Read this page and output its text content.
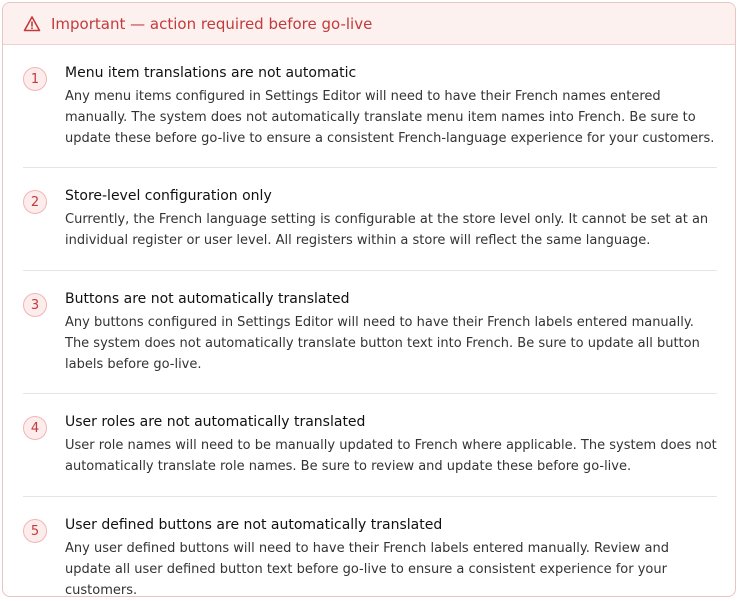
Important — action required before go-live
1	Menu item translations are not automatic

Any menu items configured in Settings Editor will need to have their French names entered manually. The system does not automatically translate menu item names into French. Be sure to update these before go-live to ensure a consistent French-language experience for your customers.

2	Store-level configuration only

Currently, the French language setting is configurable at the store level only. It cannot be set at an individual register or user level. All registers within a store will reflect the same language.

3	Buttons are not automatically translated

Any buttons configured in Settings Editor will need to have their French labels entered manually. The system does not automatically translate button text into French. Be sure to update all button labels before go-live.

4	User roles are not automatically translated

User role names will need to be manually updated to French where applicable. The system does not automatically translate role names. Be sure to review and update these before go-live.

5	User defined buttons are not automatically translated

Any user defined buttons will need to have their French labels entered manually. Review and update all user defined button text before go-live to ensure a consistent experience for your customers.
